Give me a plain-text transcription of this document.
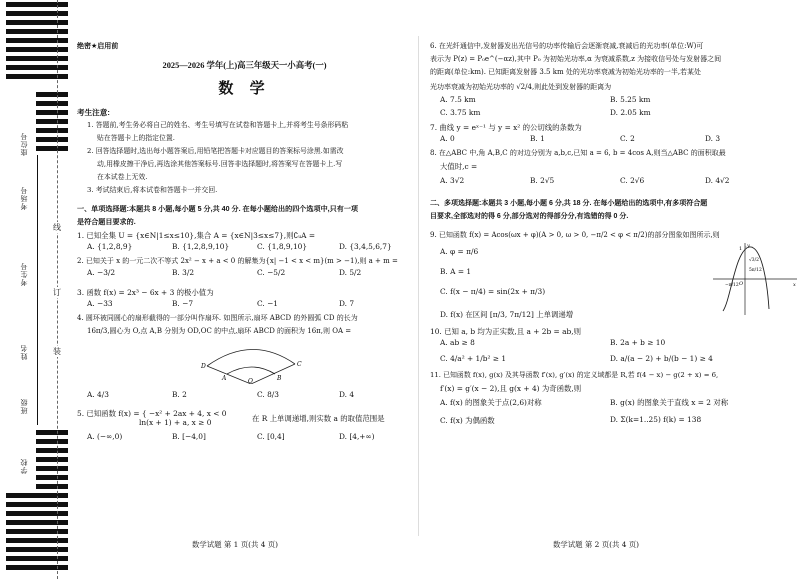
座位号
考场号
考生号
姓名
班级
学校
线
订
装
绝密★启用前
2025—2026 学年(上)高三年级天一小高考(一)
数 学
考生注意:
1. 答题前,考生务必将自己的姓名、考生号填写在试卷和答题卡上,并将考生号条形码粘
贴在答题卡上的指定位置.
2. 回答选择题时,选出每小题答案后,用铅笔把答题卡对应题目的答案标号涂黑.如需改
动,用橡皮擦干净后,再选涂其他答案标号.回答非选择题时,将答案写在答题卡上.写
在本试卷上无效.
3. 考试结束后,将本试卷和答题卡一并交回.
一、单项选择题:本题共 8 小题,每小题 5 分,共 40 分. 在每小题给出的四个选项中,只有一项
是符合题目要求的.
1. 已知全集 U = {x∈N|1≤x≤10},集合 A = {x∈N|3≤x≤7},则∁ᵤA =
A. {1,2,8,9}	B. {1,2,8,9,10}	C. {1,8,9,10}	D. {3,4,5,6,7}
2. 已知关于 x 的一元二次不等式 2x² − x + a < 0 的解集为{x| −1 < x < m}(m > −1),则 a + m =
A. −3/2	B. 3/2	C. −5/2	D. 5/2
3. 函数 f(x) = 2x³ − 6x + 3 的极小值为
A. −33	B. −7	C. −1	D. 7
4. 圆环被同圆心的扇形截得的一部分叫作扇环. 如图所示,扇环 ABCD 的外圆弧 CD 的长为
16π/3,圆心为 O,点 A,B 分别为 OD,OC 的中点,扇环 ABCD 的面积为 16π,则 OA =
D	C
A	B
O
A. 4/3	B. 2	C. 8/3	D. 4
5. 已知函数 f(x) = { −x² + 2ax + 4, x < 0
ln(x + 1) + a, x ≥ 0	在 R 上单调递增,则实数 a 的取值范围是
A. (−∞,0)	B. [−4,0]	C. [0,4]	D. [4,+∞)
数学试题 第 1 页(共 4 页)
6. 在光纤通信中,发射器发出光信号的功率传输后会逐渐衰减,衰减后的光功率(单位:W)可
表示为 P(z) = P₀e^(−αz),其中 P₀ 为初始光功率,α 为衰减系数,z 为接收信号处与发射器之间
的距离(单位:km). 已知距离发射器 3.5 km 处的光功率衰减为初始光功率的一半,若某处
光功率衰减为初始光功率的 √2/4,则此处到发射器的距离为
A. 7.5 km	B. 5.25 km
C. 3.75 km	D. 2.05 km
7. 曲线 y = eˣ⁻¹ 与 y = x² 的公切线的条数为
A. 0	B. 1	C. 2	D. 3
8. 在△ABC 中,角 A,B,C 的对边分别为 a,b,c,已知 a = 6, b = 4cos A,则当△ABC 的面积取最
大值时,c =
A. 3√2	B. 2√5	C. 2√6	D. 4√2
二、多项选择题:本题共 3 小题,每小题 6 分,共 18 分. 在每小题给出的选项中,有多项符合题
目要求,全部选对的得 6 分,部分选对的得部分分,有选错的得 0 分.
9. 已知函数 f(x) = Acos(ωx + φ)(A > 0, ω > 0, −π/2 < φ < π/2)的部分图象如图所示,则
A. φ = π/6
B. A = 1
C. f(x − π/4) = sin(2x + π/3)
D. f(x) 在区间 [π/3, 7π/12] 上单调递增
y
O	x
1
5π/12
−π/12
√3/2
10. 已知 a, b 均为正实数,且 a + 2b = ab,则
A. ab ≥ 8	B. 2a + b ≥ 10
C. 4/a² + 1/b² ≥ 1	D. a/(a − 2) + b/(b − 1) ≥ 4
11. 已知函数 f(x), g(x) 及其导函数 f′(x), g′(x) 的定义域都是 R,若 f(4 − x) − g(2 + x) = 6,
f′(x) = g′(x − 2),且 g(x + 4) 为奇函数,则
A. f(x) 的图象关于点(2,6)对称	B. g(x) 的图象关于直线 x = 2 对称
C. f(x) 为偶函数	D. Σ(k=1..25) f(k) = 138
数学试题 第 2 页(共 4 页)
